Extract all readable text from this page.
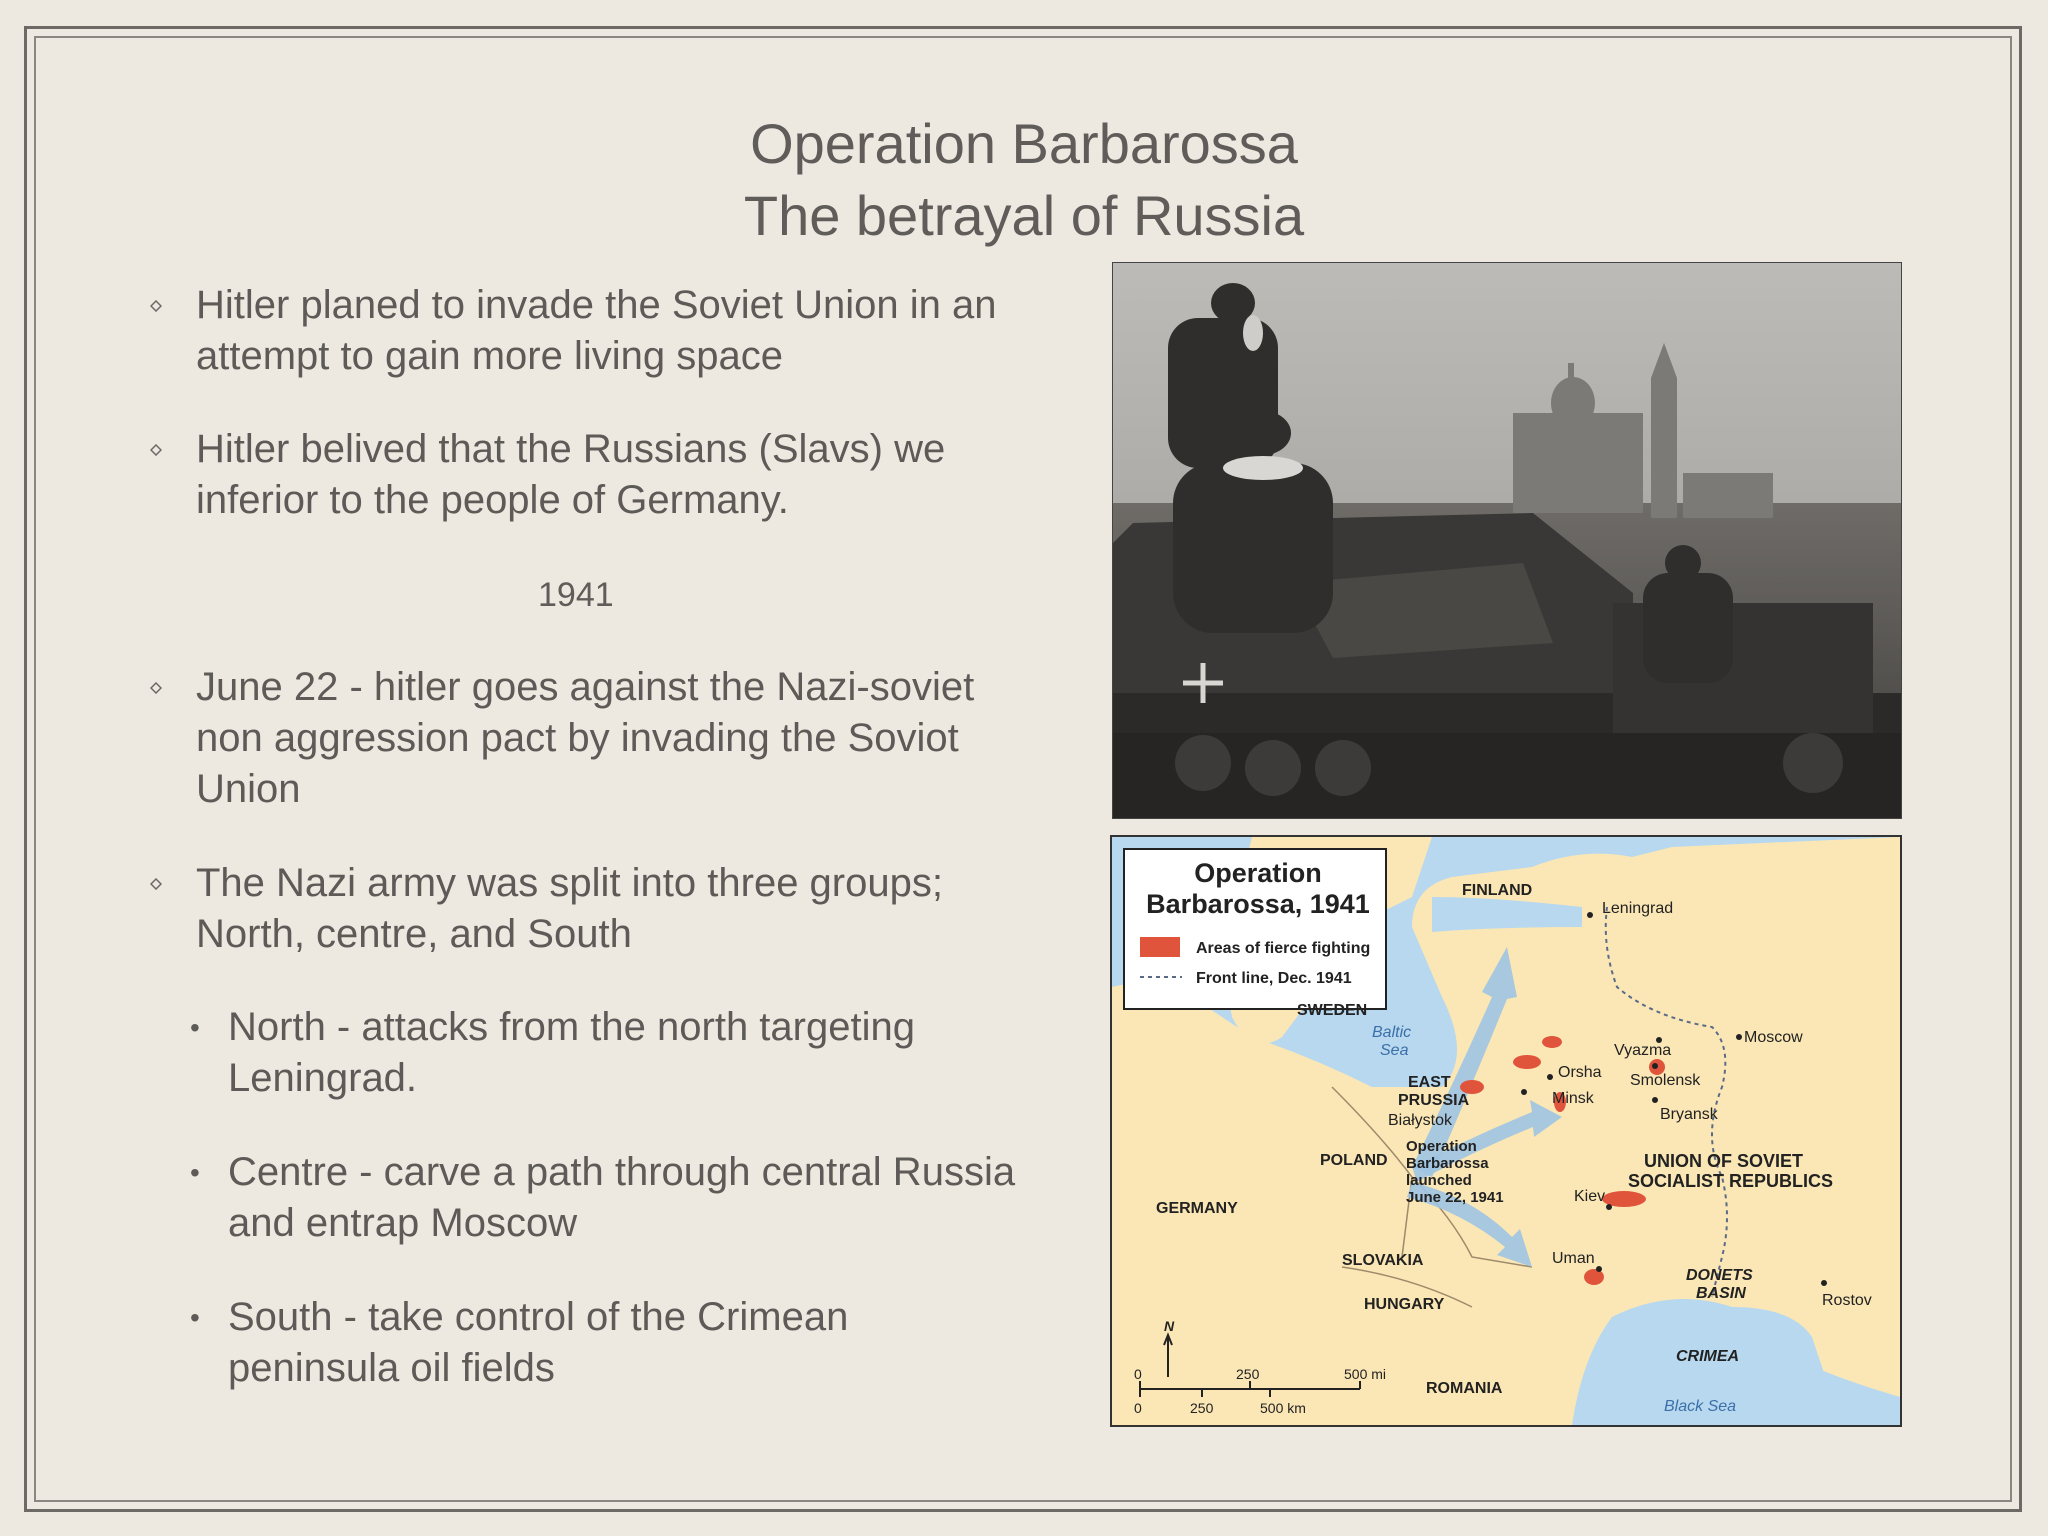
Operation Barbarossa
The betrayal of Russia
Hitler planed to invade the Soviet Union in an attempt to gain more living space
Hitler belived that the Russians (Slavs) we inferior to the people of Germany.
1941
June 22 - hitler goes against the Nazi-soviet non aggression pact by invading the Soviot Union
The Nazi army was split into three groups; North, centre, and South
• North - attacks from the north targeting Leningrad.
• Centre - carve a path through central Russia and entrap Moscow
• South - take control of the Crimean peninsula oil fields
Operation
Barbarossa, 1941
Areas of fierce fighting
Front line, Dec. 1941
FINLAND
Leningrad
SWEDEN
Baltic
Sea
Moscow
Vyazma
Orsha Smolensk
EAST
PRUSSIA	Minsk
Białystok	Bryansk
POLAND
Operation
Barbarossa
launched
June 22, 1941
UNION OF SOVIET
SOCIALIST REPUBLICS
Kiev
GERMANY
SLOVAKIA	Uman
DONETS
BASIN	Rostov
HUNGARY
N
CRIMEA
ROMANIA
Black Sea
0	250	500 mi
0	250	500 km
